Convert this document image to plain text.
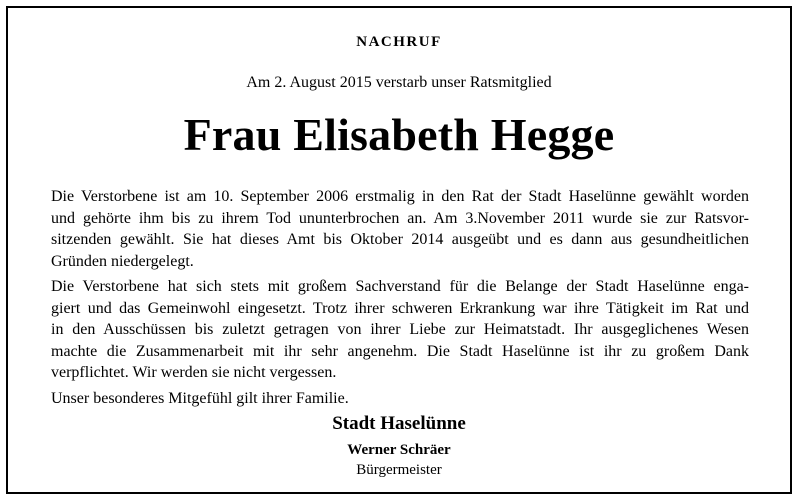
NACHRUF
Am 2. August 2015 verstarb unser Ratsmitglied
Frau Elisabeth Hegge
Die Verstorbene ist am 10. September 2006 erstmalig in den Rat der Stadt Haselünne gewählt worden
und gehörte ihm bis zu ihrem Tod ununterbrochen an. Am 3.November 2011 wurde sie zur Ratsvor-
sitzenden gewählt. Sie hat dieses Amt bis Oktober 2014 ausgeübt und es dann aus gesundheitlichen
Gründen niedergelegt.
Die Verstorbene hat sich stets mit großem Sachverstand für die Belange der Stadt Haselünne enga-
giert und das Gemeinwohl eingesetzt. Trotz ihrer schweren Erkrankung war ihre Tätigkeit im Rat und
in den Ausschüssen bis zuletzt getragen von ihrer Liebe zur Heimatstadt. Ihr ausgeglichenes Wesen
machte die Zusammenarbeit mit ihr sehr angenehm. Die Stadt Haselünne ist ihr zu großem Dank
verpflichtet. Wir werden sie nicht vergessen.
Unser besonderes Mitgefühl gilt ihrer Familie.
Stadt Haselünne
Werner Schräer
Bürgermeister
